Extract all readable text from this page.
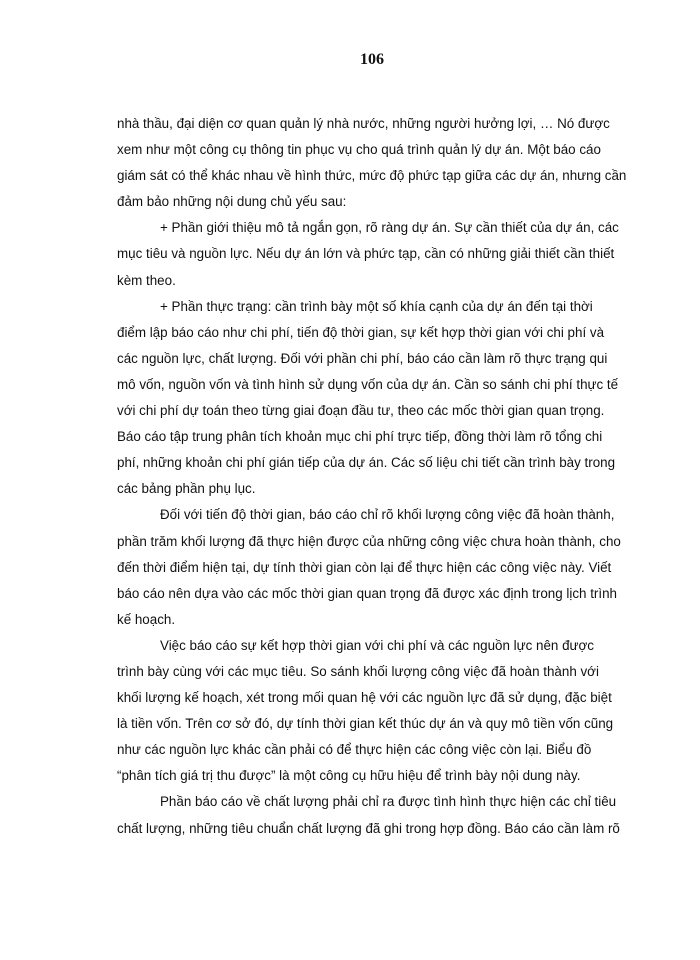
106

nhà thầu, đại diện cơ quan quản lý nhà nước, những người hưởng lợi, … Nó được
xem như một công cụ thông tin phục vụ cho quá trình quản lý dự án. Một báo cáo
giám sát có thể khác nhau về hình thức, mức độ phức tạp giữa các dự án, nhưng cần
đảm bảo những nội dung chủ yếu sau:

+ Phần giới thiệu mô tả ngắn gọn, rõ ràng dự án. Sự cần thiết của dự án, các
mục tiêu và nguồn lực. Nếu dự án lớn và phức tạp, cần có những giải thiết cần thiết
kèm theo.

+ Phần thực trạng: cần trình bày một số khía cạnh của dự án đến tại thời
điểm lập báo cáo như chi phí, tiến độ thời gian, sự kết hợp thời gian với chi phí và
các nguồn lực, chất lượng. Đối với phần chi phí, báo cáo cần làm rõ thực trạng qui
mô vốn, nguồn vốn và tình hình sử dụng vốn của dự án. Cần so sánh chi phí thực tế
với chi phí dự toán theo từng giai đoạn đầu tư, theo các mốc thời gian quan trọng.
Báo cáo tập trung phân tích khoản mục chi phí trực tiếp, đồng thời làm rõ tổng chi
phí, những khoản chi phí gián tiếp của dự án. Các số liệu chi tiết cần trình bày trong
các bảng phần phụ lục.

Đối với tiến độ thời gian, báo cáo chỉ rõ khối lượng công việc đã hoàn thành,
phần trăm khối lượng đã thực hiện được của những công việc chưa hoàn thành, cho
đến thời điểm hiện tại, dự tính thời gian còn lại để thực hiện các công việc này. Viết
báo cáo nên dựa vào các mốc thời gian quan trọng đã được xác định trong lịch trình
kế hoạch.

Việc báo cáo sự kết hợp thời gian với chi phí và các nguồn lực nên được
trình bày cùng với các mục tiêu. So sánh khối lượng công việc đã hoàn thành với
khối lượng kế hoạch, xét trong mối quan hệ với các nguồn lực đã sử dụng, đặc biệt
là tiền vốn. Trên cơ sở đó, dự tính thời gian kết thúc dự án và quy mô tiền vốn cũng
như các nguồn lực khác cần phải có để thực hiện các công việc còn lại. Biểu đồ
“phân tích giá trị thu được” là một công cụ hữu hiệu để trình bày nội dung này.

Phần báo cáo về chất lượng phải chỉ ra được tình hình thực hiện các chỉ tiêu
chất lượng, những tiêu chuẩn chất lượng đã ghi trong hợp đồng. Báo cáo cần làm rõ
